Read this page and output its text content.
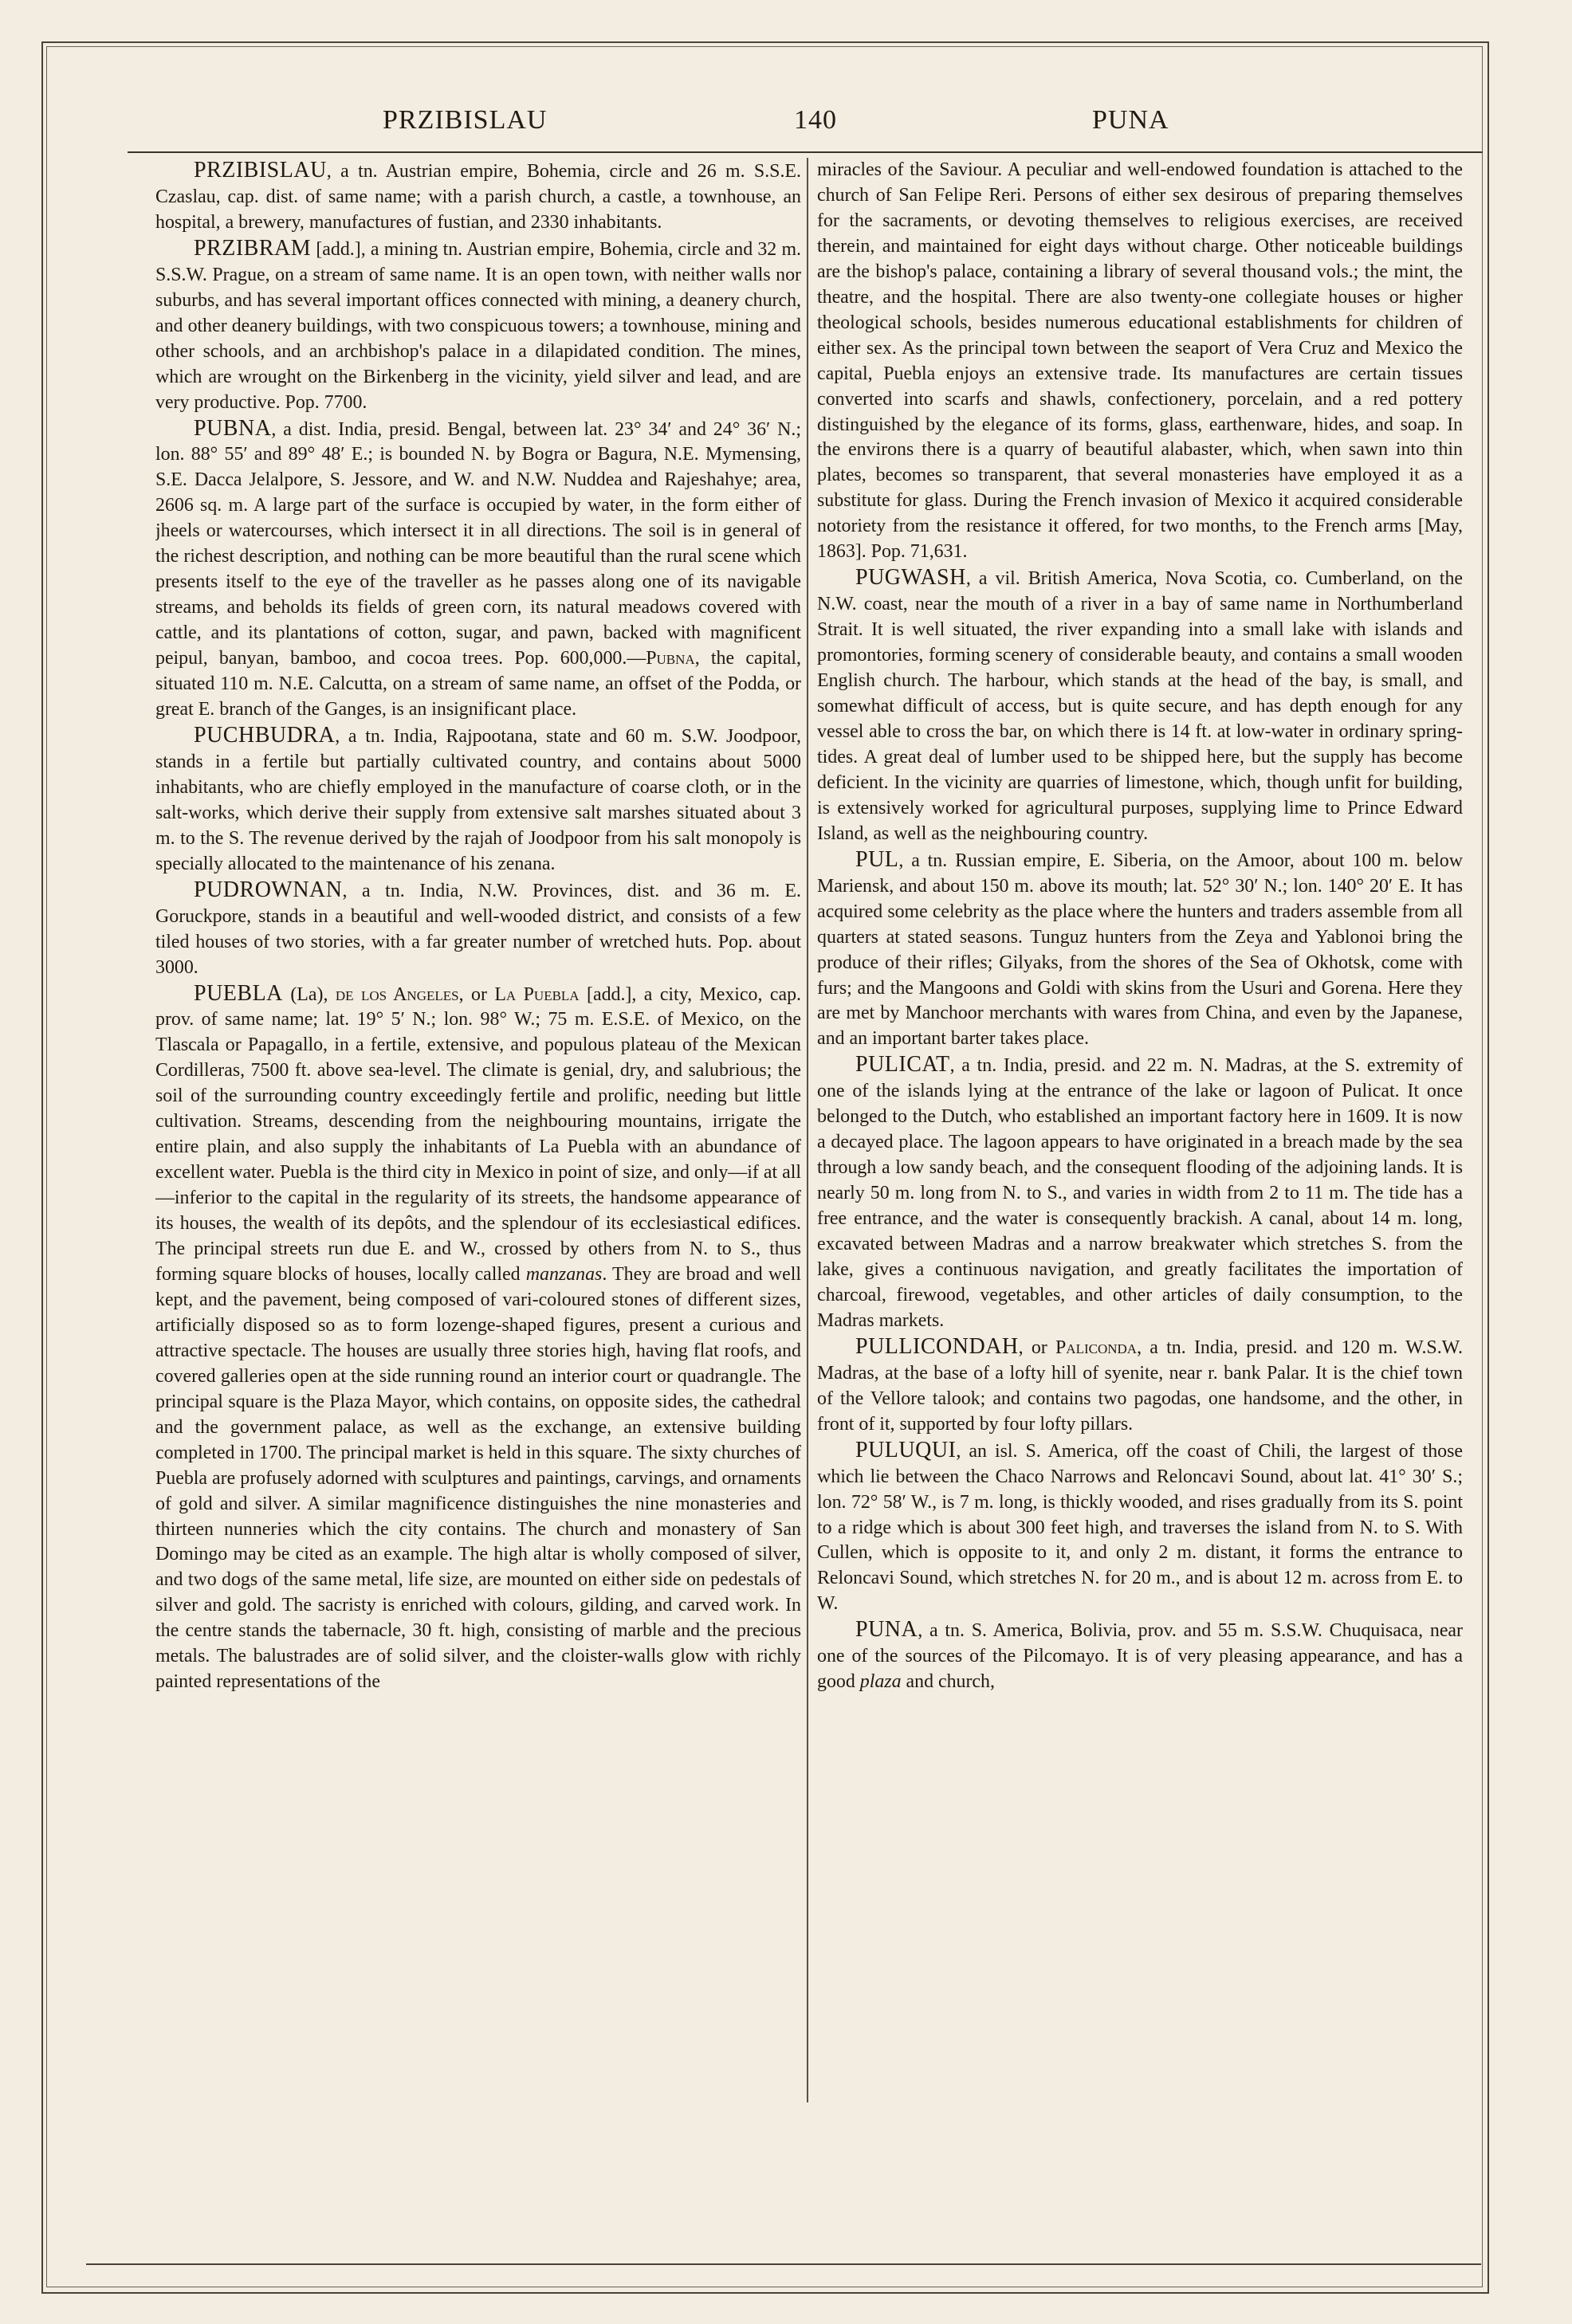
PRZIBISLAU	140	PUNA

PRZIBISLAU, a tn. Austrian empire, Bohemia, circle and 26 m. S.S.E. Czaslau, cap. dist. of same name; with a parish church, a castle, a townhouse, an hospital, a brewery, manufactures of fustian, and 2330 inhabitants.

PRZIBRAM [add.], a mining tn. Austrian empire, Bohemia, circle and 32 m. S.S.W. Prague, on a stream of same name. It is an open town, with neither walls nor suburbs, and has several important offices connected with mining, a deanery church, and other deanery buildings, with two conspicuous towers; a townhouse, mining and other schools, and an archbishop's palace in a dilapidated condition. The mines, which are wrought on the Birkenberg in the vicinity, yield silver and lead, and are very productive. Pop. 7700.

PUBNA, a dist. India, presid. Bengal, between lat. 23° 34′ and 24° 36′ N.; lon. 88° 55′ and 89° 48′ E.; is bounded N. by Bogra or Bagura, N.E. Mymensing, S.E. Dacca Jelalpore, S. Jessore, and W. and N.W. Nuddea and Rajeshahye; area, 2606 sq. m. A large part of the surface is occupied by water, in the form either of jheels or watercourses, which intersect it in all directions. The soil is in general of the richest description, and nothing can be more beautiful than the rural scene which presents itself to the eye of the traveller as he passes along one of its navigable streams, and beholds its fields of green corn, its natural meadows covered with cattle, and its plantations of cotton, sugar, and pawn, backed with magnificent peipul, banyan, bamboo, and cocoa trees. Pop. 600,000.—Pubna, the capital, situated 110 m. N.E. Calcutta, on a stream of same name, an offset of the Podda, or great E. branch of the Ganges, is an insignificant place.

PUCHBUDRA, a tn. India, Rajpootana, state and 60 m. S.W. Joodpoor, stands in a fertile but partially cultivated country, and contains about 5000 inhabitants, who are chiefly employed in the manufacture of coarse cloth, or in the salt-works, which derive their supply from extensive salt marshes situated about 3 m. to the S. The revenue derived by the rajah of Joodpoor from his salt monopoly is specially allocated to the maintenance of his zenana.

PUDROWNAN, a tn. India, N.W. Provinces, dist. and 36 m. E. Goruckpore, stands in a beautiful and well-wooded district, and consists of a few tiled houses of two stories, with a far greater number of wretched huts. Pop. about 3000.

PUEBLA (La), de los Angeles, or La Puebla [add.], a city, Mexico, cap. prov. of same name; lat. 19° 5′ N.; lon. 98° W.; 75 m. E.S.E. of Mexico, on the Tlascala or Papagallo, in a fertile, extensive, and populous plateau of the Mexican Cordilleras, 7500 ft. above sea-level. The climate is genial, dry, and salubrious; the soil of the surrounding country exceedingly fertile and prolific, needing but little cultivation. Streams, descending from the neighbouring mountains, irrigate the entire plain, and also supply the inhabitants of La Puebla with an abundance of excellent water. Puebla is the third city in Mexico in point of size, and only—if at all—inferior to the capital in the regularity of its streets, the handsome appearance of its houses, the wealth of its depôts, and the splendour of its ecclesiastical edifices. The principal streets run due E. and W., crossed by others from N. to S., thus forming square blocks of houses, locally called manzanas. They are broad and well kept, and the pavement, being composed of vari-coloured stones of different sizes, artificially disposed so as to form lozenge-shaped figures, present a curious and attractive spectacle. The houses are usually three stories high, having flat roofs, and covered galleries open at the side running round an interior court or quadrangle. The principal square is the Plaza Mayor, which contains, on opposite sides, the cathedral and the government palace, as well as the exchange, an extensive building completed in 1700. The principal market is held in this square. The sixty churches of Puebla are profusely adorned with sculptures and paintings, carvings, and ornaments of gold and silver. A similar magnificence distinguishes the nine monasteries and thirteen nunneries which the city contains. The church and monastery of San Domingo may be cited as an example. The high altar is wholly composed of silver, and two dogs of the same metal, life size, are mounted on either side on pedestals of silver and gold. The sacristy is enriched with colours, gilding, and carved work. In the centre stands the tabernacle, 30 ft. high, consisting of marble and the precious metals. The balustrades are of solid silver, and the cloister-walls glow with richly painted representations of the

miracles of the Saviour. A peculiar and well-endowed foundation is attached to the church of San Felipe Reri. Persons of either sex desirous of preparing themselves for the sacraments, or devoting themselves to religious exercises, are received therein, and maintained for eight days without charge. Other noticeable buildings are the bishop's palace, containing a library of several thousand vols.; the mint, the theatre, and the hospital. There are also twenty-one collegiate houses or higher theological schools, besides numerous educational establishments for children of either sex. As the principal town between the seaport of Vera Cruz and Mexico the capital, Puebla enjoys an extensive trade. Its manufactures are certain tissues converted into scarfs and shawls, confectionery, porcelain, and a red pottery distinguished by the elegance of its forms, glass, earthenware, hides, and soap. In the environs there is a quarry of beautiful alabaster, which, when sawn into thin plates, becomes so transparent, that several monasteries have employed it as a substitute for glass. During the French invasion of Mexico it acquired considerable notoriety from the resistance it offered, for two months, to the French arms [May, 1863]. Pop. 71,631.

PUGWASH, a vil. British America, Nova Scotia, co. Cumberland, on the N.W. coast, near the mouth of a river in a bay of same name in Northumberland Strait. It is well situated, the river expanding into a small lake with islands and promontories, forming scenery of considerable beauty, and contains a small wooden English church. The harbour, which stands at the head of the bay, is small, and somewhat difficult of access, but is quite secure, and has depth enough for any vessel able to cross the bar, on which there is 14 ft. at low-water in ordinary spring-tides. A great deal of lumber used to be shipped here, but the supply has become deficient. In the vicinity are quarries of limestone, which, though unfit for building, is extensively worked for agricultural purposes, supplying lime to Prince Edward Island, as well as the neighbouring country.

PUL, a tn. Russian empire, E. Siberia, on the Amoor, about 100 m. below Mariensk, and about 150 m. above its mouth; lat. 52° 30′ N.; lon. 140° 20′ E. It has acquired some celebrity as the place where the hunters and traders assemble from all quarters at stated seasons. Tunguz hunters from the Zeya and Yablonoi bring the produce of their rifles; Gilyaks, from the shores of the Sea of Okhotsk, come with furs; and the Mangoons and Goldi with skins from the Usuri and Gorena. Here they are met by Manchoor merchants with wares from China, and even by the Japanese, and an important barter takes place.

PULICAT, a tn. India, presid. and 22 m. N. Madras, at the S. extremity of one of the islands lying at the entrance of the lake or lagoon of Pulicat. It once belonged to the Dutch, who established an important factory here in 1609. It is now a decayed place. The lagoon appears to have originated in a breach made by the sea through a low sandy beach, and the consequent flooding of the adjoining lands. It is nearly 50 m. long from N. to S., and varies in width from 2 to 11 m. The tide has a free entrance, and the water is consequently brackish. A canal, about 14 m. long, excavated between Madras and a narrow breakwater which stretches S. from the lake, gives a continuous navigation, and greatly facilitates the importation of charcoal, firewood, vegetables, and other articles of daily consumption, to the Madras markets.

PULLICONDAH, or Paliconda, a tn. India, presid. and 120 m. W.S.W. Madras, at the base of a lofty hill of syenite, near r. bank Palar. It is the chief town of the Vellore talook; and contains two pagodas, one handsome, and the other, in front of it, supported by four lofty pillars.

PULUQUI, an isl. S. America, off the coast of Chili, the largest of those which lie between the Chaco Narrows and Reloncavi Sound, about lat. 41° 30′ S.; lon. 72° 58′ W., is 7 m. long, is thickly wooded, and rises gradually from its S. point to a ridge which is about 300 feet high, and traverses the island from N. to S. With Cullen, which is opposite to it, and only 2 m. distant, it forms the entrance to Reloncavi Sound, which stretches N. for 20 m., and is about 12 m. across from E. to W.

PUNA, a tn. S. America, Bolivia, prov. and 55 m. S.S.W. Chuquisaca, near one of the sources of the Pilcomayo. It is of very pleasing appearance, and has a good plaza and church,
